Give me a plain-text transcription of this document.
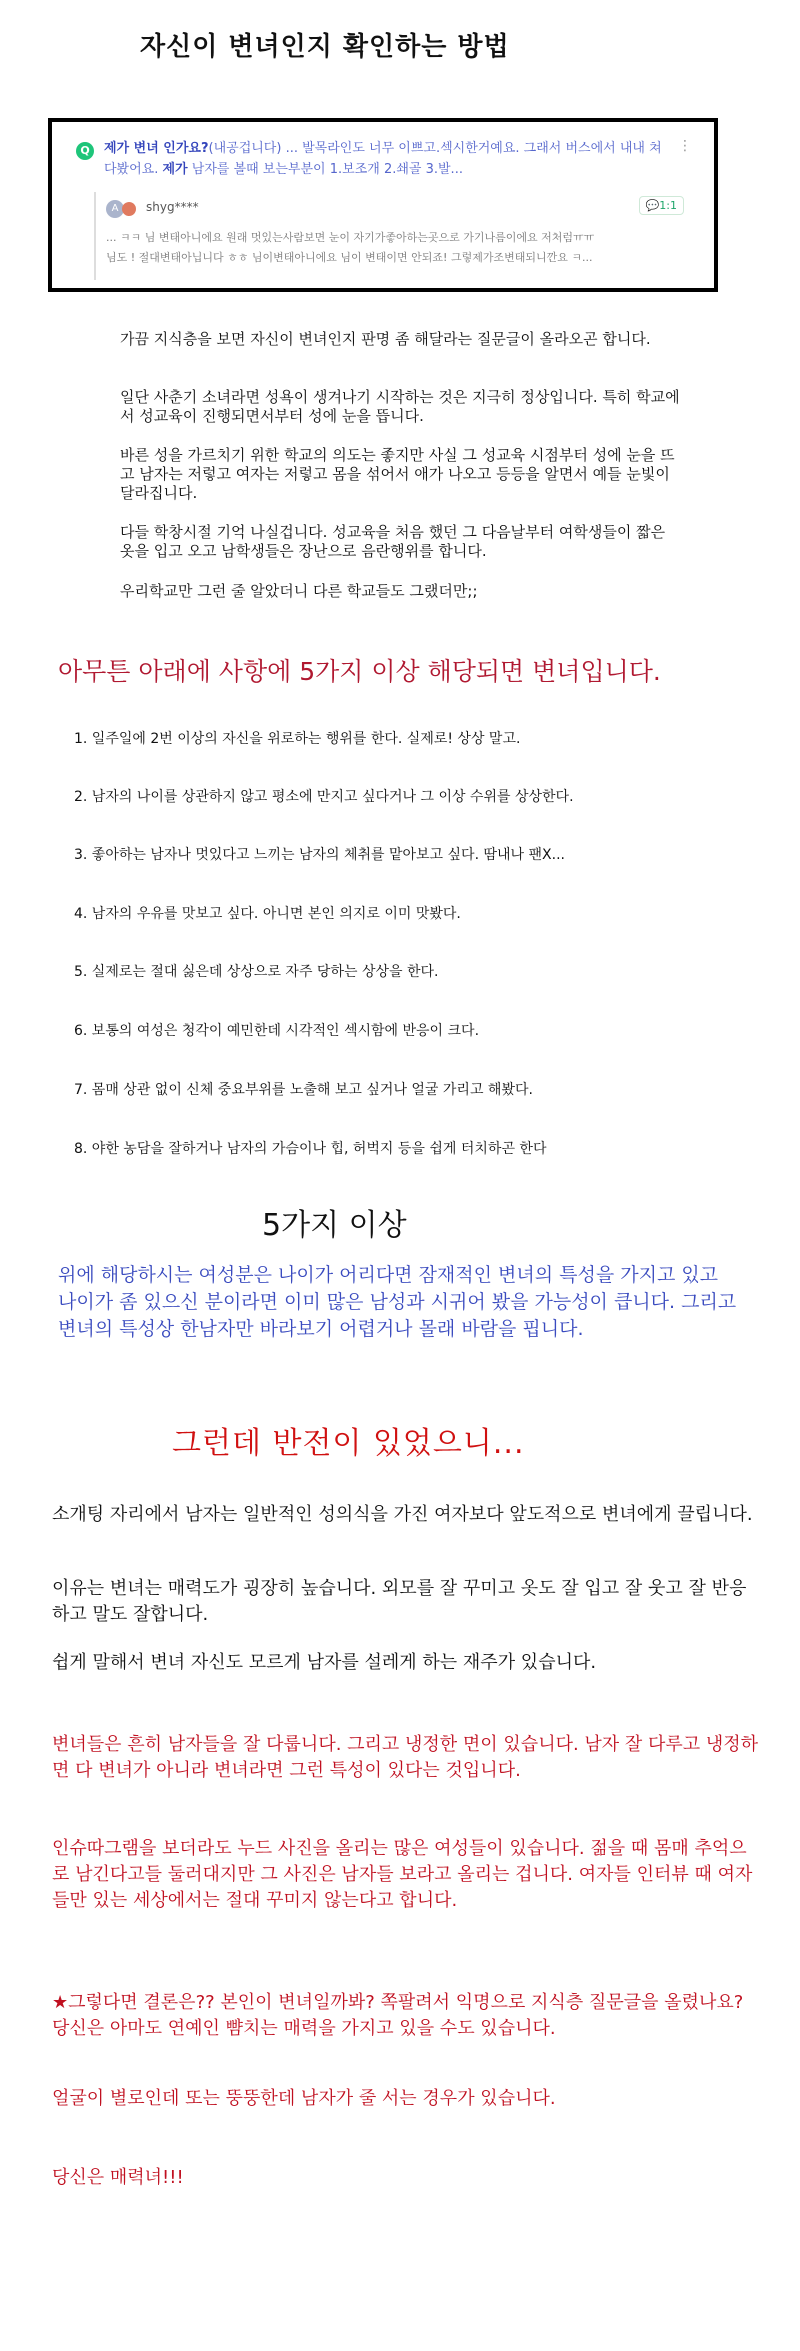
자신이 변녀인지 확인하는 방법
Q	제가 변녀 인가요?(내공겁니다) ... 발목라인도 너무 이쁘고.섹시한거예요. 그래서 버스에서 내내 쳐다봤어요. 제가 남자를 볼때 보는부분이 1.보조개 2.쇄골 3.발...
⋮
A	shyg****	💬1:1
... ㅋㅋ 님 변태아니에요 원래 멋있는사람보면 눈이 자기가좋아하는곳으로 가기나름이에요 저처럼ㅠㅠ
님도 ! 절대변태아닙니다 ㅎㅎ 님이변태아니에요 님이 변태이면 안되죠! 그렇제가조변태되니깐요 ㅋ...
가끔 지식층을 보면 자신이 변녀인지 판명 좀 해달라는 질문글이 올라오곤 합니다.
일단 사춘기 소녀라면 성욕이 생겨나기 시작하는 것은 지극히 정상입니다. 특히 학교에서 성교육이 진행되면서부터 성에 눈을 뜹니다.
바른 성을 가르치기 위한 학교의 의도는 좋지만 사실 그 성교육 시점부터 성에 눈을 뜨고 남자는 저렇고 여자는 저렇고 몸을 섞어서 애가 나오고 등등을 알면서 예들 눈빛이 달라집니다.
다들 학창시절 기억 나실겁니다. 성교육을 처음 했던 그 다음날부터 여학생들이 짧은 옷을 입고 오고 남학생들은 장난으로 음란행위를 합니다.
우리학교만 그런 줄 알았더니 다른 학교들도 그랬더만;;
아무튼 아래에 사항에 5가지 이상 해당되면 변녀입니다.
1. 일주일에 2번 이상의 자신을 위로하는 행위를 한다. 실제로! 상상 말고.
2. 남자의 나이를 상관하지 않고 평소에 만지고 싶다거나 그 이상 수위를 상상한다.
3. 좋아하는 남자나 멋있다고 느끼는 남자의 체취를 맡아보고 싶다. 땀내나 팬X...
4. 남자의 우유를 맛보고 싶다. 아니면 본인 의지로 이미 맛봤다.
5. 실제로는 절대 싫은데 상상으로 자주 당하는 상상을 한다.
6. 보통의 여성은 청각이 예민한데 시각적인 섹시함에 반응이 크다.
7. 몸매 상관 없이 신체 중요부위를 노출해 보고 싶거나 얼굴 가리고 해봤다.
8. 야한 농담을 잘하거나 남자의 가슴이나 힙, 허벅지 등을 쉽게 터치하곤 한다
5가지 이상
위에 해당하시는 여성분은 나이가 어리다면 잠재적인 변녀의 특성을 가지고 있고 나이가 좀 있으신 분이라면 이미 많은 남성과 시귀어 봤을 가능성이 큽니다. 그리고 변녀의 특성상 한남자만 바라보기 어렵거나 몰래 바람을 핍니다.
그런데 반전이 있었으니...
소개팅 자리에서 남자는 일반적인 성의식을 가진 여자보다 앞도적으로 변녀에게 끌립니다.
이유는 변녀는 매력도가 굉장히 높습니다. 외모를 잘 꾸미고 옷도 잘 입고 잘 웃고 잘 반응하고 말도 잘합니다.
쉽게 말해서 변녀 자신도 모르게 남자를 설레게 하는 재주가 있습니다.
변녀들은 흔히 남자들을 잘 다룹니다. 그리고 냉정한 면이 있습니다. 남자 잘 다루고 냉정하면 다 변녀가 아니라 변녀라면 그런 특성이 있다는 것입니다.
인슈따그램을 보더라도 누드 사진을 올리는 많은 여성들이 있습니다. 젊을 때 몸매 추억으로 남긴다고들 둘러대지만 그 사진은 남자들 보라고 올리는 겁니다. 여자들 인터뷰 때 여자들만 있는 세상에서는 절대 꾸미지 않는다고 합니다.
★그렇다면 결론은?? 본인이 변녀일까봐? 쪽팔려서 익명으로 지식층 질문글을 올렸나요? 당신은 아마도 연예인 뺨치는 매력을 가지고 있을 수도 있습니다.
얼굴이 별로인데 또는 뚱뚱한데 남자가 줄 서는 경우가 있습니다.
당신은 매력녀!!!
